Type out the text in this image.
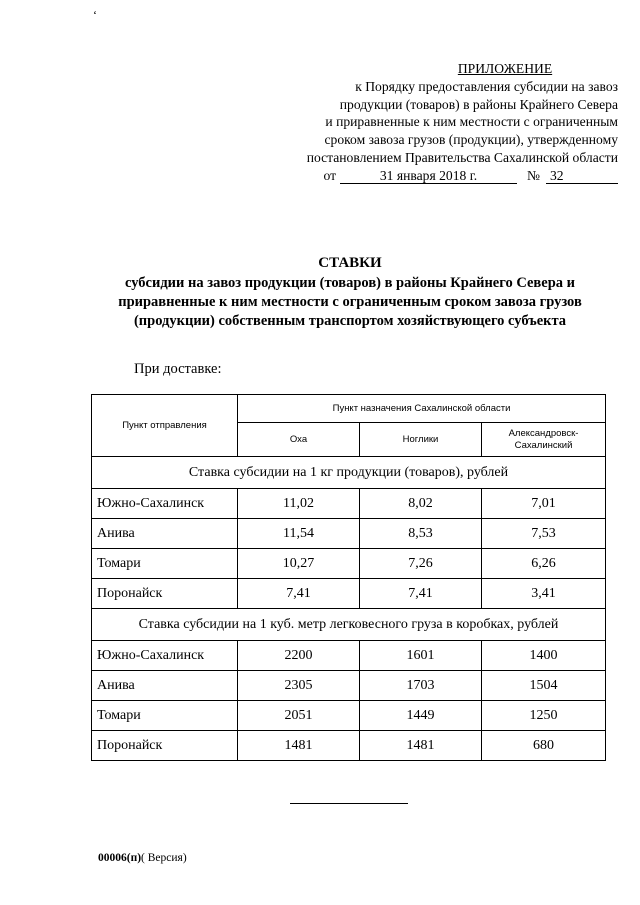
‘
ПРИЛОЖЕНИЕ
к Порядку предоставления субсидии на завоз
продукции (товаров) в районы Крайнего Севера
и приравненные к ним местности с ограниченным
сроком завоза грузов (продукции), утвержденному
постановлением Правительства Сахалинской области
от	31 января 2018 г.	№ 32
СТАВКИ
субсидии на завоз продукции (товаров) в районы Крайнего Севера и
приравненные к ним местности с ограниченным сроком завоза грузов
(продукции) собственным транспортом хозяйствующего субъекта
При доставке:
Пункт отправления	Пункт назначения Сахалинской области		
	Оха	Ноглики	Александровск-Сахалинский
Ставка субсидии на 1 кг продукции (товаров), рублей			
Южно-Сахалинск	11,02	8,02	7,01
Анива	11,54	8,53	7,53
Томари	10,27	7,26	6,26
Поронайск	7,41	7,41	3,41
Ставка субсидии на 1 куб. метр легковесного груза в коробках, рублей			
Южно-Сахалинск	2200	1601	1400
Анива	2305	1703	1504
Томари	2051	1449	1250
Поронайск	1481	1481	680
00006(п)( Версия)
